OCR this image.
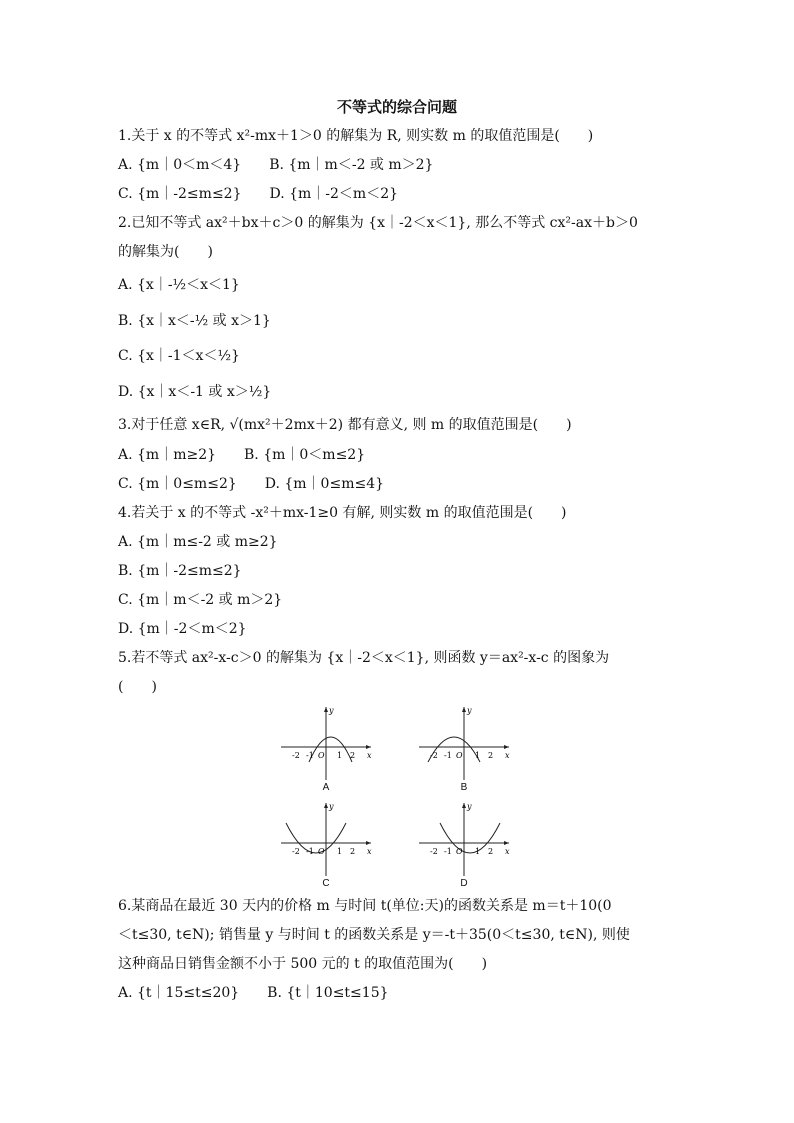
不等式的综合问题
1.关于 x 的不等式 x²-mx＋1＞0 的解集为 R, 则实数 m 的取值范围是(　　)
A. {m｜0＜m＜4}　　B. {m｜m＜-2 或 m＞2}
C. {m｜-2≤m≤2}　　D. {m｜-2＜m＜2}
2.已知不等式 ax²＋bx＋c＞0 的解集为 {x｜-2＜x＜1}, 那么不等式 cx²-ax＋b＞0
的解集为(　　)
A. {x｜-½＜x＜1}
B. {x｜x＜-½ 或 x＞1}
C. {x｜-1＜x＜½}
D. {x｜x＜-1 或 x＞½}
3.对于任意 x∈R, √(mx²＋2mx＋2) 都有意义, 则 m 的取值范围是(　　)
A. {m｜m≥2}　　B. {m｜0＜m≤2}
C. {m｜0≤m≤2}　　D. {m｜0≤m≤4}
4.若关于 x 的不等式 -x²＋mx-1≥0 有解, 则实数 m 的取值范围是(　　)
A. {m｜m≤-2 或 m≥2}
B. {m｜-2≤m≤2}
C. {m｜m＜-2 或 m＞2}
D. {m｜-2＜m＜2}
5.若不等式 ax²-x-c＞0 的解集为 {x｜-2＜x＜1}, 则函数 y＝ax²-x-c 的图象为
(　　)
y
x
-2 -1 O 1 2
A
y
x
-2 -1 O 1 2
B
y
x
-2 -1 O 1 2
C
y
x
-2 -1 O 1 2
D
6.某商品在最近 30 天内的价格 m 与时间 t(单位:天)的函数关系是 m＝t＋10(0
＜t≤30, t∈N); 销售量 y 与时间 t 的函数关系是 y＝-t＋35(0＜t≤30, t∈N), 则使
这种商品日销售金额不小于 500 元的 t 的取值范围为(　　)
A. {t｜15≤t≤20}　　B. {t｜10≤t≤15}
